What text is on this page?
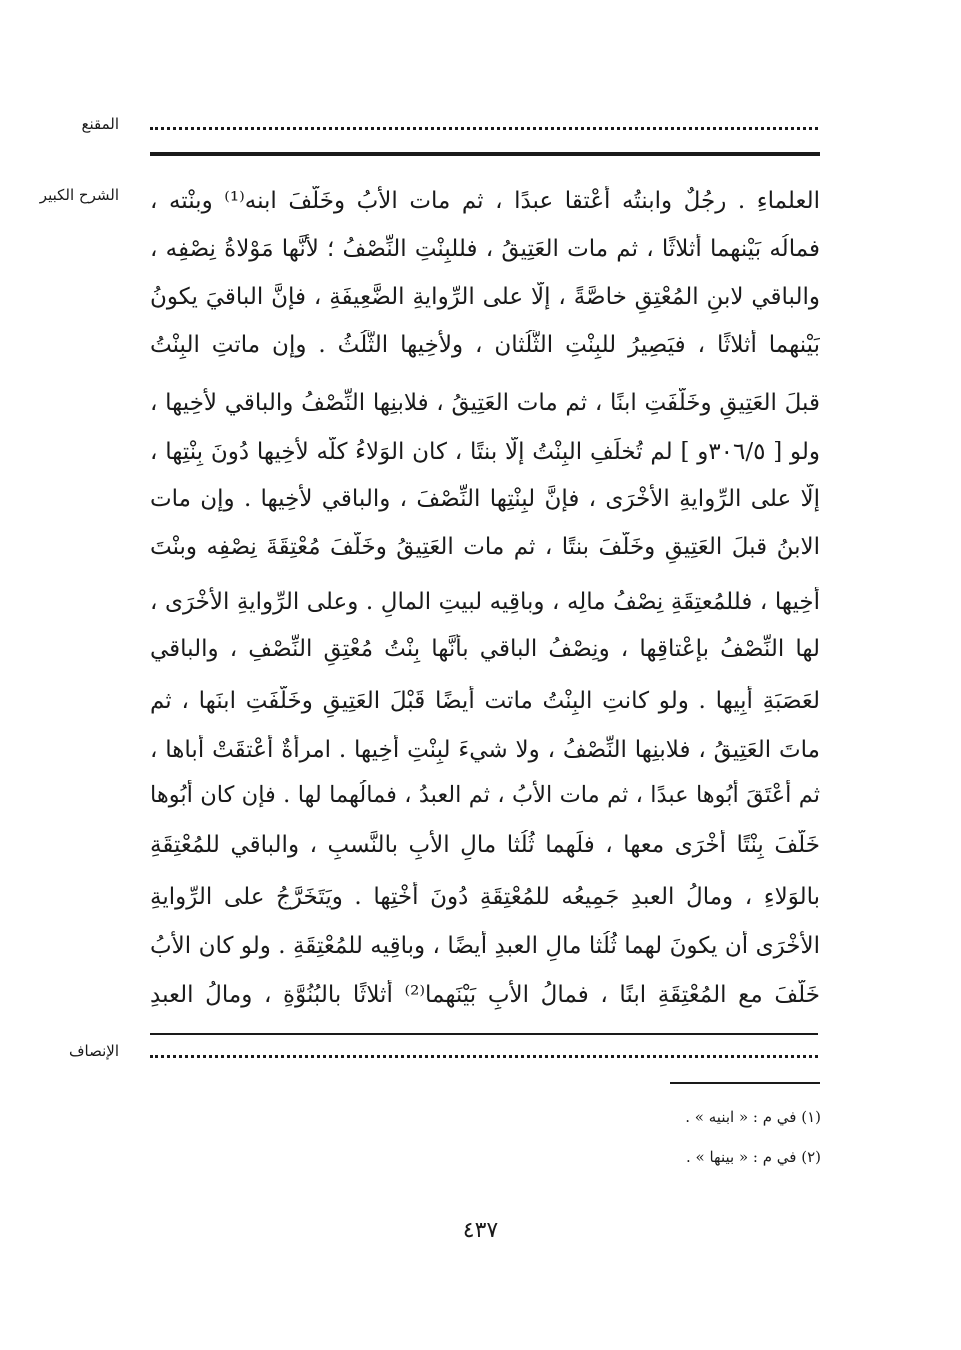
المقنع
الشرح الكبير العلماءِ . رجُلٌ وابنتُه أعْتقا عبدًا ، ثم مات الأبُ وخَلَّفَ ابنه⁽¹⁾ وبنْته ،
فمالُه بَيْنهما أثلاثًا ، ثم مات العَتِيقُ ، فللبِنْتِ النِّصْفُ ؛ لأنَّها مَوْلاةُ نِصْفِه ،
والباقي لابنِ المُعْتِقِ خاصَّةً ، إلَّا على الرِّوايةِ الضَّعِيفَةِ ، فإنَّ الباقيَ يكونُ
بَيْنهما أثلاثًا ، فيَصِيرُ للبِنْتِ الثُّلُثان ، ولأخِيها الثُّلُثُ . وإن ماتتِ البِنْتُ
قبلَ العَتِيقِ وخَلَّفَتِ ابنًا ، ثم مات العَتِيقُ ، فلابنِها النِّصْفُ والباقي لأخِيها ،
ولو [ ٣٠٦/٥و ] لم تُخلِّفِ البِنْتُ إلَّا بنتًا ، كان الوَلاءُ كلُّه لأخِيها دُونَ بِنْتِها ،
إلَّا على الرِّوايةِ الأُخْرَى ، فإنَّ لبِنْتِها النِّصْفَ ، والباقي لأخِيها . وإن مات
الابنُ قبلَ العَتِيقِ وخَلَّفَ بنتًا ، ثم مات العَتِيقُ وخَلَّفَ مُعْتِقَةَ نِصْفِه وبنْتَ
أخِيها ، فللمُعتِقَةِ نِصْفُ مالِه ، وباقِيه لبيتِ المالِ . وعلى الرِّوايةِ الأُخْرَى ،
لها النِّصْفُ بإعْتاقِها ، ونِصْفُ الباقي بأنَّها بِنْتُ مُعْتِقِ النِّصْفِ ، والباقي
لعَصَبَةِ أبِيها . ولو كانتِ البِنْتُ ماتت أيضًا قَبْلَ العَتِيقِ وخَلَّفَتِ ابنَها ، ثم
ماتَ العَتِيقُ ، فلابنِها النِّصْفُ ، ولا شيءَ لبِنْتِ أخِيها . امرأةٌ أعْتقَتْ أباها ،
ثم أعْتَقَ أبُوها عبدًا ، ثم مات الأبُ ، ثم العبدُ ، فمالُهما لها . فإن كان أبُوها
خَلَّفَ بِنْتًا أُخْرَى معها ، فلَهما ثُلُثا مالِ الأبِ بالنَّسبِ ، والباقي للمُعْتِقَةِ
بالوَلاءِ ، ومالُ العبدِ جَمِيعُه للمُعْتِقَةِ دُونَ أُخْتِها . ويَتَخَرَّجُ على الرِّوايةِ
الأُخْرَى أن يكونَ لهما ثُلُثا مالِ العبدِ أيضًا ، وباقِيه للمُعْتِقَةِ . ولو كان الأبُ
خَلَّفَ مع المُعْتِقَةِ ابنًا ، فمالُ الأبِ بَيْنَهما⁽²⁾ أثلاثًا بالبُنُوَّةِ ، ومالُ العبدِ
الإنصاف
(١) في م : « ابنيه » .
(٢) في م : « بينها » .
٤٣٧
